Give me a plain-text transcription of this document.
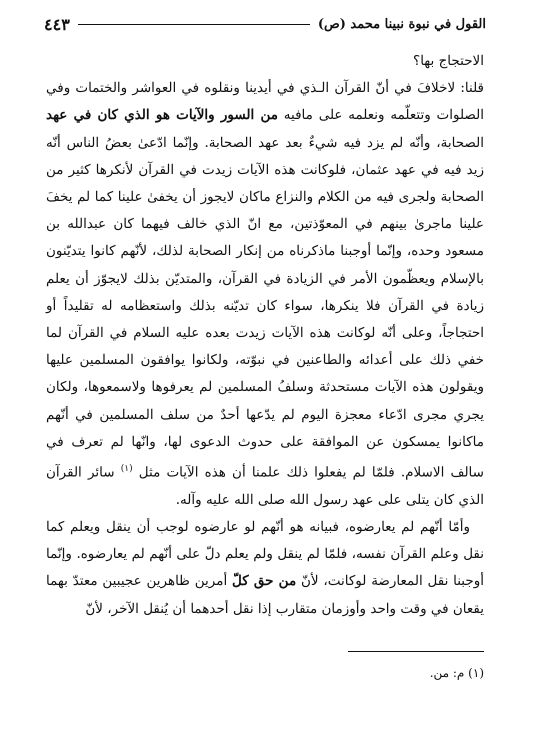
القول في نبوة نبينا محمد (ص)
٤٤٣

الاحتجاج بها؟

قلنا: لاخلافَ في أنّ القرآن الـذي في أيدينا ونقلوه في العواشر والختمات وفي الصلوات وتتعلّمه ونعلمه على مافيه من السور والآيات هو الذي كان في عهد الصحابة، وأنّه لم يزد فيه شيءٌ بعد عهد الصحابة. وإنّما ادّعىٰ بعضُ الناس أنّه زيد فيه في عهد عثمان، فلوكانت هذه الآيات زيدت في القرآن لأنكرها كثير من الصحابة ولجرى فيه من الكلام والنزاع ماكان لايجوز أن يخفىٰ علينا كما لم يخفَ علينا ماجرىٰ بينهم في المعوّذتين، مع انّ الذي خالف فيهما كان عبدالله بن مسعود وحده، وإنّما أوجبنا ماذكرناه من إنكار الصحابة لذلك، لأنّهم كانوا يتديّنون بالإسلام ويعظّمون الأمر في الزيادة في القرآن، والمتديّن بذلك لايجوّز أن يعلم زيادة في القرآن فلا ينكرها، سواء كان تديّنه بذلك واستعظامه له تقليداً أو احتجاجاً، وعلى أنّه لوكانت هذه الآيات زيدت بعده عليه السلام في القرآن لما خفي ذلك على أعدائه والطاعنين في نبوّته، ولكانوا يوافقون المسلمين عليها ويقولون هذه الآيات مستحدثة وسلفُ المسلمين لم يعرفوها ولاسمعوها، ولكان يجري مجرى ادّعاء معجزة اليوم لم يدّعها أحدٌ من سلف المسلمين في أنّهم ماكانوا يمسكون عن الموافقة على حدوث الدعوى لها، وانّها لم تعرف في سالف الاسلام. فلمّا لم يفعلوا ذلك علمنا أن هذه الآيات مثل $^{(١)}$ سائر القرآن الذي كان يتلى على عهد رسول الله صلى الله عليه وآله.

وأمّا أنّهم لم يعارضوه، فبيانه هو أنّهم لو عارضوه لوجب أن ينقل ويعلم كما نقل وعلم القرآن نفسه، فلمّا لم ينقل ولم يعلم دلّ على أنّهم لم يعارضوه. وإنّما أوجبنا نقل المعارضة لوكانت، لأنّ من حق كلّ أمرين ظاهرين عجيبين معتدّ بهما يقعان في وقت واحد وأوزمان متقارب إذا نقل أحدهما أن يُنقل الآخر، لأنّ

(١) م: من.
